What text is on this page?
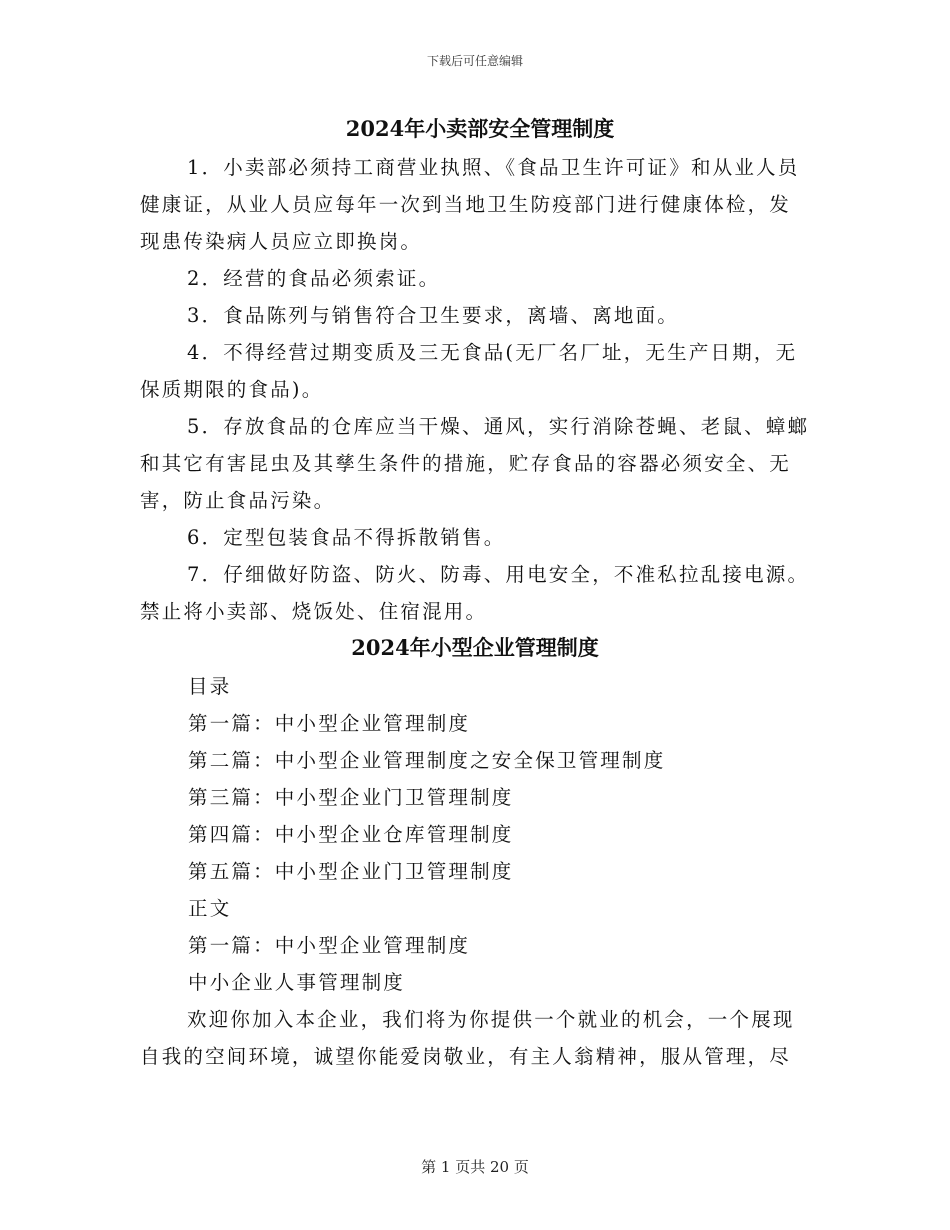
下载后可任意编辑
2024年小卖部安全管理制度

1．小卖部必须持工商营业执照、《食品卫生许可证》和从业人员健康证，从业人员应每年一次到当地卫生防疫部门进行健康体检，发现患传染病人员应立即换岗。

2．经营的食品必须索证。

3．食品陈列与销售符合卫生要求，离墙、离地面。

4．不得经营过期变质及三无食品(无厂名厂址，无生产日期，无保质期限的食品)。

5．存放食品的仓库应当干燥、通风，实行消除苍蝇、老鼠、蟑螂和其它有害昆虫及其孳生条件的措施，贮存食品的容器必须安全、无害，防止食品污染。

6．定型包装食品不得拆散销售。

7．仔细做好防盗、防火、防毒、用电安全，不准私拉乱接电源。禁止将小卖部、烧饭处、住宿混用。

2024年小型企业管理制度

目录

第一篇：中小型企业管理制度

第二篇：中小型企业管理制度之安全保卫管理制度

第三篇：中小型企业门卫管理制度

第四篇：中小型企业仓库管理制度

第五篇：中小型企业门卫管理制度

正文

第一篇：中小型企业管理制度

中小企业人事管理制度

欢迎你加入本企业，我们将为你提供一个就业的机会，一个展现自我的空间环境，诚望你能爱岗敬业，有主人翁精神，服从管理，尽

第 1 页共 20 页
